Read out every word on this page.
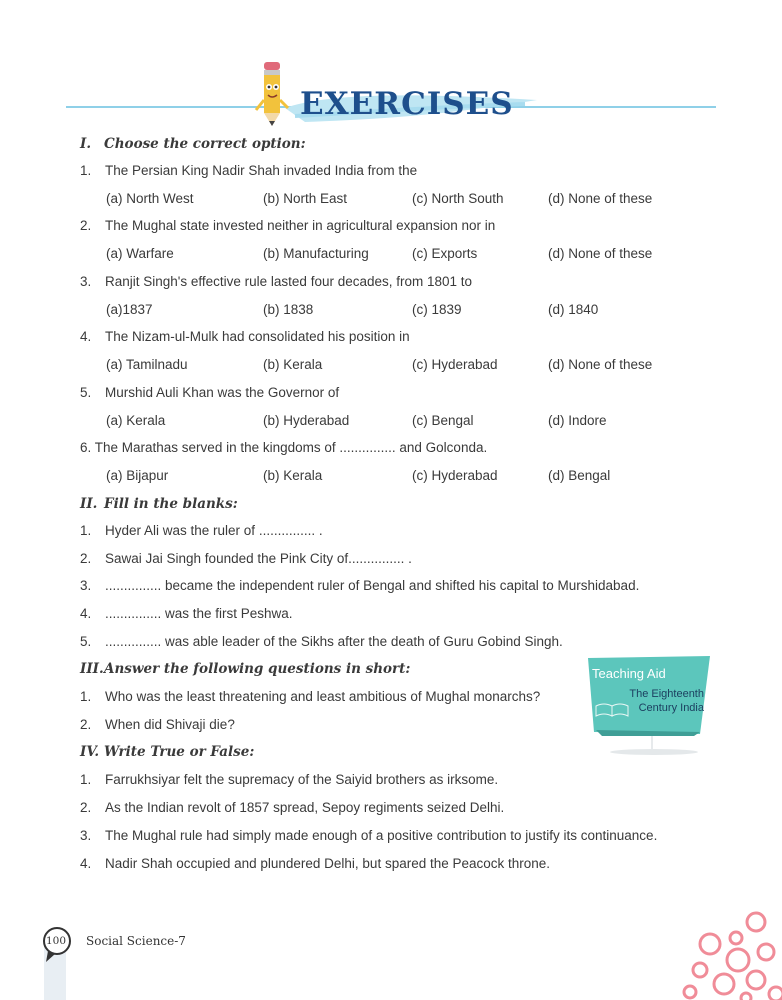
EXERCISES
I. Choose the correct option:
1. The Persian King Nadir Shah invaded India from the
(a) North West	(b) North East	(c) North South	(d) None of these
2. The Mughal state invested neither in agricultural expansion nor in
(a) Warfare	(b) Manufacturing	(c) Exports	(d) None of these
3. Ranjit Singh's effective rule lasted four decades, from 1801 to
(a)1837	(b) 1838	(c) 1839	(d) 1840
4. The Nizam-ul-Mulk had consolidated his position in
(a) Tamilnadu	(b) Kerala	(c) Hyderabad	(d) None of these
5. Murshid Auli Khan was the Governor of
(a) Kerala	(b) Hyderabad	(c) Bengal	(d) Indore
6. The Marathas served in the kingdoms of ............... and Golconda.
(a) Bijapur	(b) Kerala	(c) Hyderabad	(d) Bengal
II. Fill in the blanks:
1. Hyder Ali was the ruler of ............... .
2. Sawai Jai Singh founded the Pink City of............... .
3. ............... became the independent ruler of Bengal and shifted his capital to Murshidabad.
4. ............... was the first Peshwa.
5. ............... was able leader of the Sikhs after the death of Guru Gobind Singh.
III.Answer the following questions in short:
1. Who was the least threatening and least ambitious of Mughal monarchs?
2. When did Shivaji die?
IV. Write True or False:
1. Farrukhsiyar felt the supremacy of the Saiyid brothers as irksome.
2. As the Indian revolt of 1857 spread, Sepoy regiments seized Delhi.
3. The Mughal rule had simply made enough of a positive contribution to justify its continuance.
4. Nadir Shah occupied and plundered Delhi, but spared the Peacock throne.
Teaching Aid
The Eighteenth
Century India
100	Social Science-7
